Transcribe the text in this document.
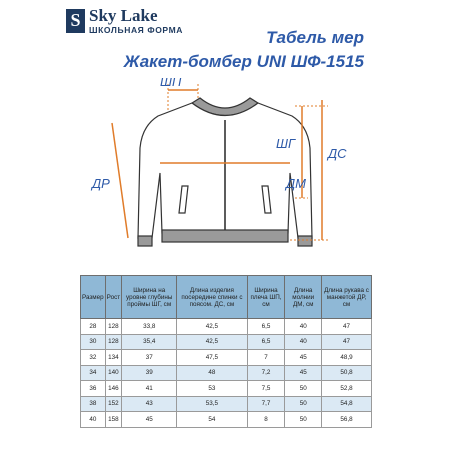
S Sky Lake
ШКОЛЬНАЯ ФОРМА	Табель мер
Жакет-бомбер UNI ШФ-1515
ШП
ШГ
ДС
ДМ
ДР
Размер	Рост	Ширина на уровне глубины проймы ШГ, см	Длина изделия посередине спинки с поясом. ДС, см	Ширина плеча ШП, см	Длина молнии ДМ, см	Длина рукава с манжетой ДР, см
28	128	33,8	42,5	6,5	40	47
30	128	35,4	42,5	6,5	40	47
32	134	37	47,5	7	45	48,9
34	140	39	48	7,2	45	50,8
36	146	41	53	7,5	50	52,8
38	152	43	53,5	7,7	50	54,8
40	158	45	54	8	50	56,8
